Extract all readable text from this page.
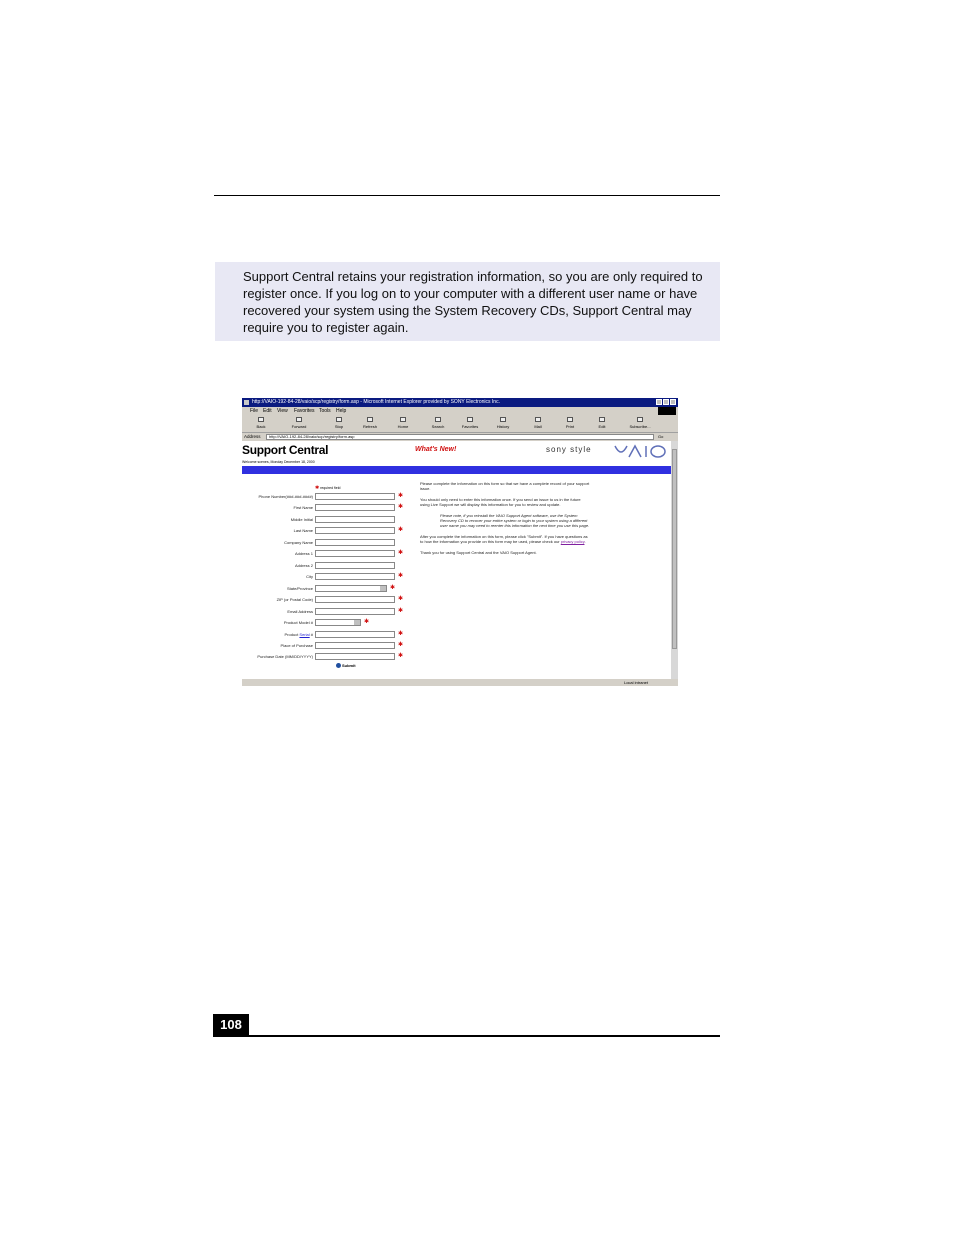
Support Central retains your registration information, so you are only required to register once. If you log on to your computer with a different user name or have recovered your system using the System Recovery CDs, Support Central may require you to register again.

http://VAIO-192-84-28/vaio/scp/registry/form.asp - Microsoft Internet Explorer provided by SONY Electronics Inc.
File Edit View Favorites Tools Help
Back	Forward	Stop	Refresh	Home	Search	Favorites	History	Mail	Print	Edit	Subscribe...
Address	http://VAIO-192-84-28/vaio/scp/registry/form.asp	Go
Support Central
Welcome scenes, Monday December 18, 2000
What's New!	sony style
✱ required field
Phone Number(###-###-####)	✱
First Name	✱
Middle Initial
Last Name	✱
Company Name
Address 1	✱
Address 2
City	✱
State/Province	✱
ZIP (or Postal Code)	✱
Email Address	✱
Product Model #	✱
Product Serial #	✱
Place of Purchase	✱
Purchase Date (MM/DD/YYYY)	✱
Submit

Please complete the information on this form so that we have a complete record of your support issue.

You should only need to enter this information once. If you send an issue to us in the future using Live Support we will display this information for you to review and update.

Please note, if you reinstall the VAIO Support Agent software, use the System Recovery CD to recover your entire system or login to your system using a different user name you may need to reenter this information the next time you use this page.

After you complete the information on this form, please click "Submit". If you have questions as to how the information you provide on this form may be used, please check our privacy policy.

Thank you for using Support Central and the VAIO Support Agent.

Local intranet
108
